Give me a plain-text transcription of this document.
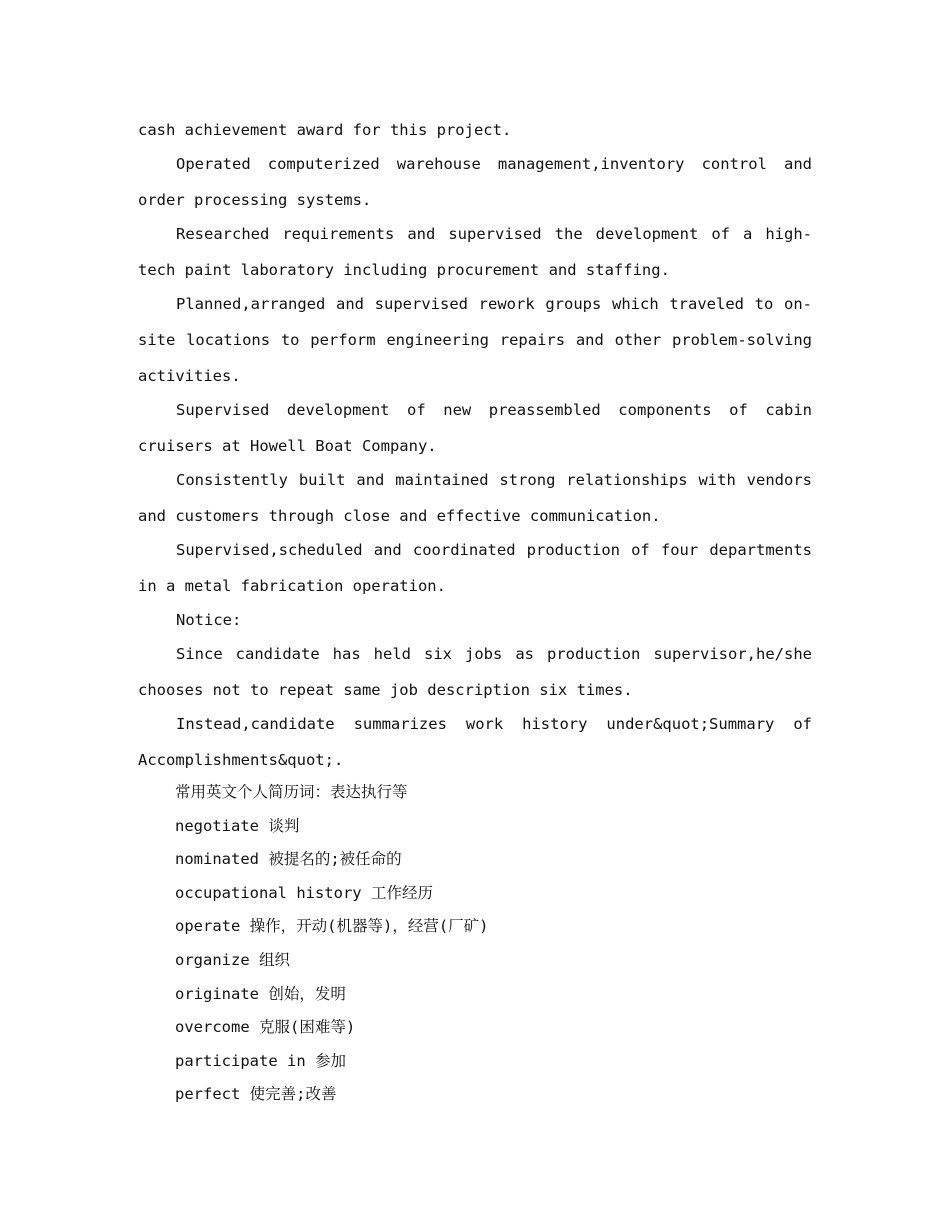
cash achievement award for this project.

Operated computerized warehouse management,inventory control and order processing systems.

Researched requirements and supervised the development of a high-tech paint laboratory including procurement and staffing.

Planned,arranged and supervised rework groups which traveled to on-site locations to perform engineering repairs and other problem-solving activities.

Supervised development of new preassembled components of cabin cruisers at Howell Boat Company.

Consistently built and maintained strong relationships with vendors and customers through close and effective communication.

Supervised,scheduled and coordinated production of four departments in a metal fabrication operation.

Notice:

Since candidate has held six jobs as production supervisor,he/she chooses not to repeat same job description six times.

Instead,candidate summarizes work history under&quot;Summary of Accomplishments&quot;.

常用英文个人简历词：表达执行等
negotiate 谈判
nominated 被提名的;被任命的
occupational history 工作经历
operate 操作，开动(机器等)，经营(厂矿)
organize 组织
originate 创始，发明
overcome 克服(困难等)
participate in 参加
perfect 使完善;改善
